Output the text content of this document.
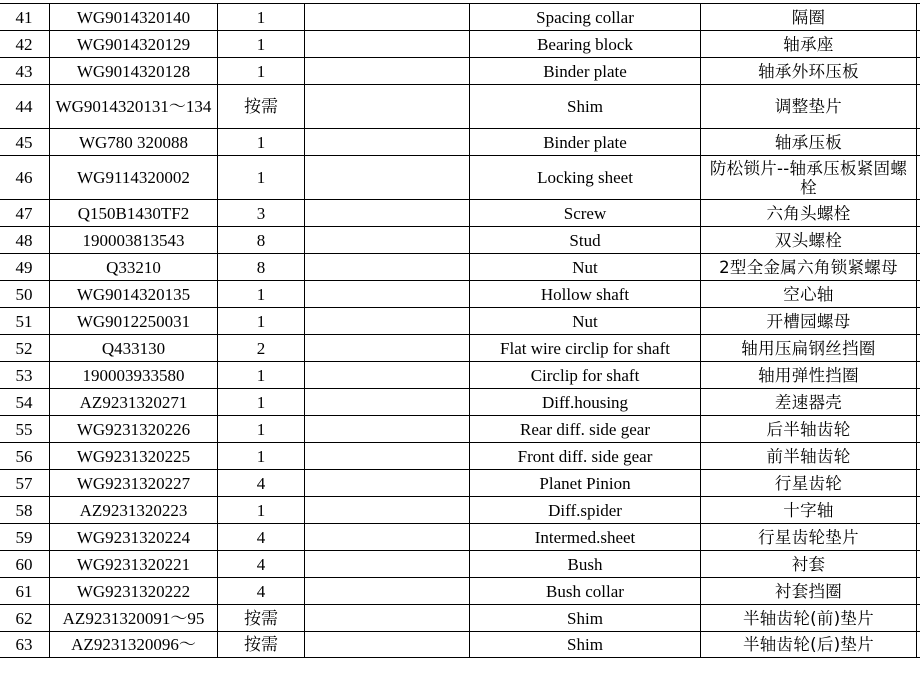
41	WG9014320140	1		Spacing collar	隔圈	
42	WG9014320129	1		Bearing block	轴承座	
43	WG9014320128	1		Binder plate	轴承外环压板	
44	WG9014320131～134	按需		Shim	调整垫片	
45	WG780 320088	1		Binder plate	轴承压板	
46	WG9114320002	1		Locking sheet	防松锁片--轴承压板紧固螺栓	
47	Q150B1430TF2	3		Screw	六角头螺栓	
48	190003813543	8		Stud	双头螺栓	
49	Q33210	8		Nut	2型全金属六角锁紧螺母	
50	WG9014320135	1		Hollow shaft	空心轴	
51	WG9012250031	1		Nut	开槽园螺母	
52	Q433130	2		Flat wire circlip for shaft	轴用压扁钢丝挡圈	
53	190003933580	1		Circlip for shaft	轴用弹性挡圈	
54	AZ9231320271	1		Diff.housing	差速器壳	
55	WG9231320226	1		Rear diff. side gear	后半轴齿轮	
56	WG9231320225	1		Front diff. side gear	前半轴齿轮	
57	WG9231320227	4		Planet Pinion	行星齿轮	
58	AZ9231320223	1		Diff.spider	十字轴	
59	WG9231320224	4		Intermed.sheet	行星齿轮垫片	
60	WG9231320221	4		Bush	衬套	
61	WG9231320222	4		Bush collar	衬套挡圈	
62	AZ9231320091～95	按需		Shim	半轴齿轮(前)垫片	
63	AZ9231320096～	按需		Shim	半轴齿轮(后)垫片	
